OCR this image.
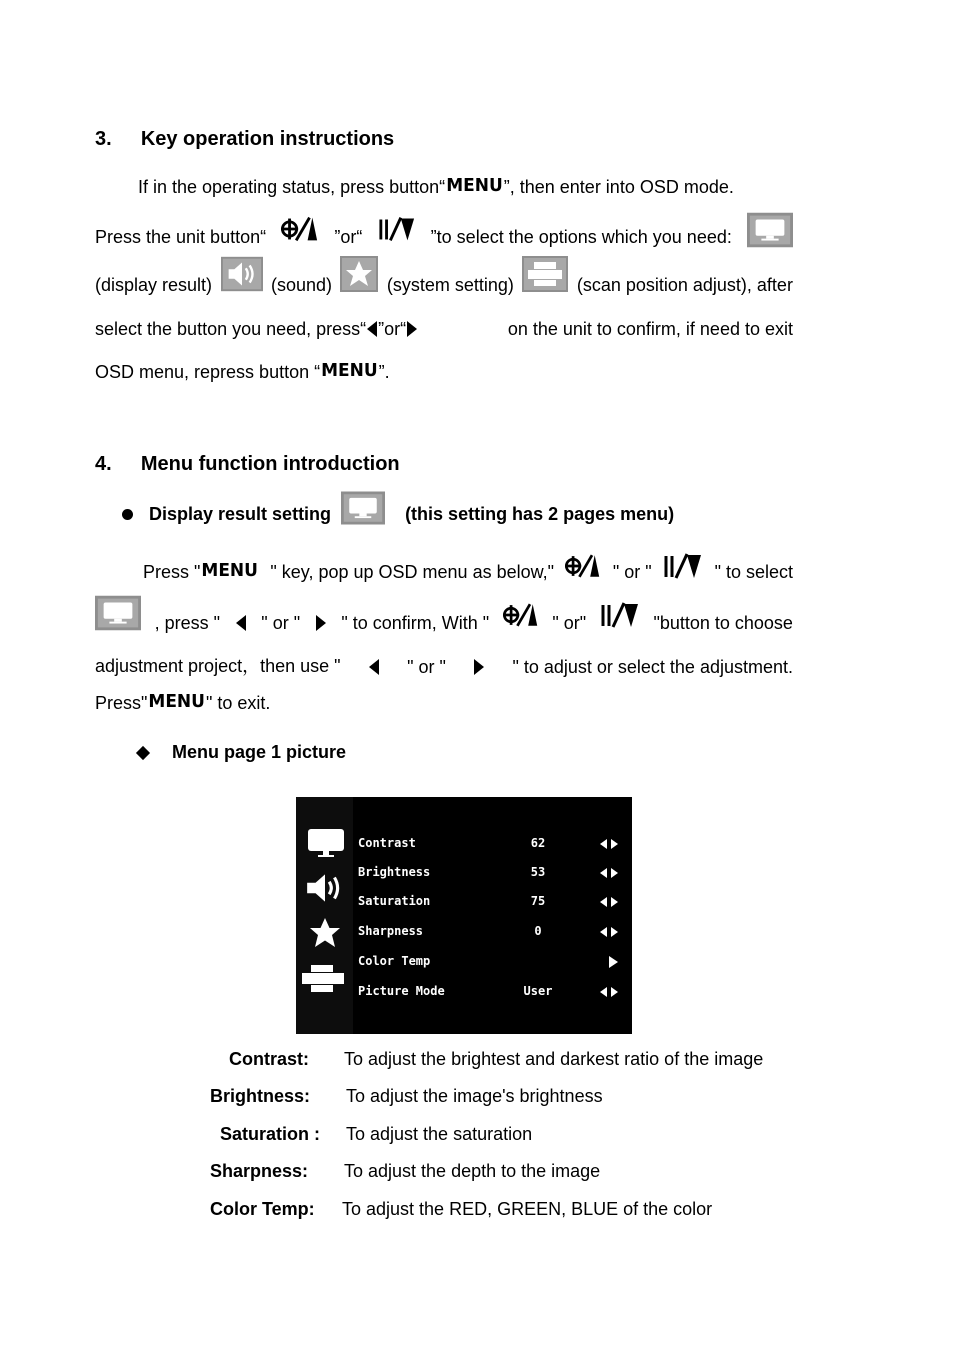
3. Key operation instructions
If in the operating status, press button“ MENU ”, then enter into OSD mode.
Press the unit button“	”or“	”to select the options which you need:
(display result)	(sound)	(system setting)	(scan position adjust), after
select the button you need, press“ ”or“	on the unit to confirm, if need to exit
OSD menu, repress button “ MENU ”.
4. Menu function introduction
Display result setting	(this setting has 2 pages menu)
Press " MENU " key, pop up OSD menu as below,"	" or "	" to select
, press " " or " " to confirm, With "	" or"	"button to choose
adjustment project，then use "	" or "	" to adjust or select the adjustment.
Press" MENU " to exit.
Menu page 1 picture
Contrast	62
Brightness	53
Saturation	75
Sharpness	0
Color Temp
Picture Mode	User
Contrast: To adjust the brightest and darkest ratio of the image
Brightness: To adjust the image's brightness
Saturation : To adjust the saturation
Sharpness: To adjust the depth to the image
Color Temp: To adjust the RED, GREEN, BLUE of the color
